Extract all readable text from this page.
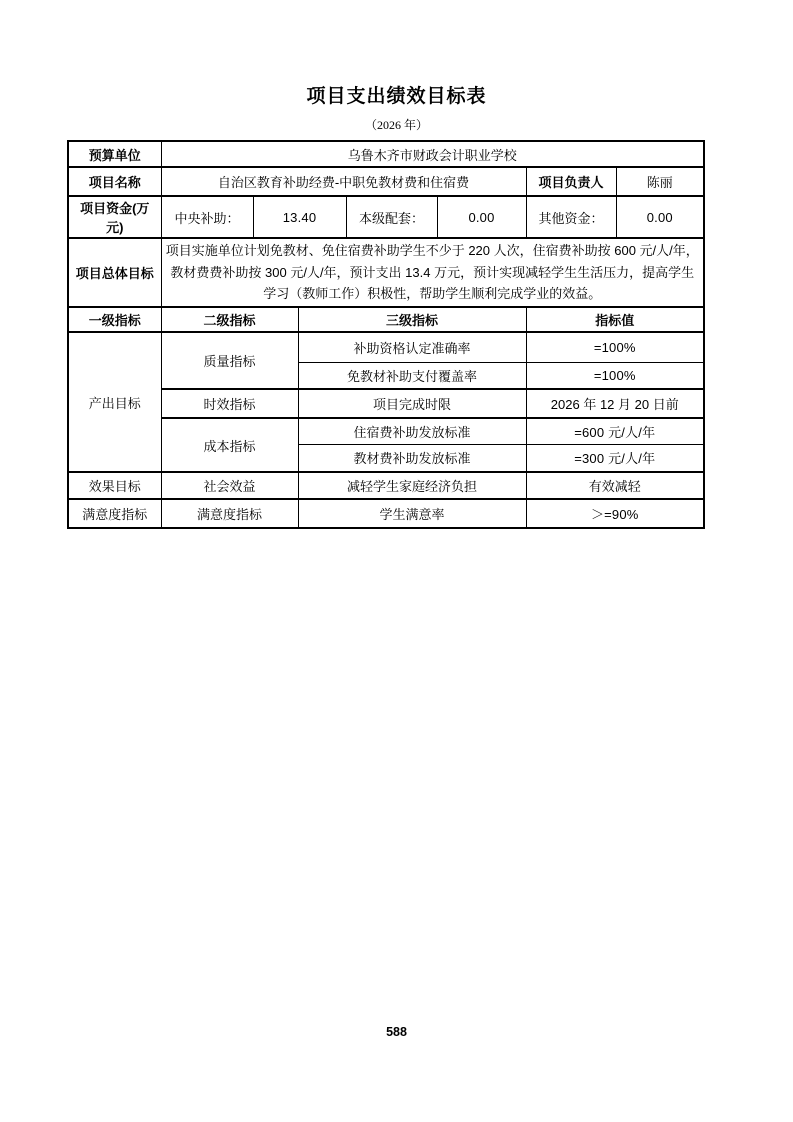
项目支出绩效目标表
（2026 年）
预算单位	乌鲁木齐市财政会计职业学校						
项目名称	自治区教育补助经费-中职免教材费和住宿费					项目负责人	陈丽
项目资金(万元)	中央补助：	13.40		本级配套：	0.00	其他资金：	0.00
项目总体目标	项目实施单位计划免教材、免住宿费补助学生不少于 220 人次，住宿费补助按 600 元/人/年，教材费费补助按 300 元/人/年，预计支出 13.4 万元，预计实现减轻学生生活压力，提高学生学习（教师工作）积极性，帮助学生顺利完成学业的效益。						
一级指标	二级指标		三级指标			指标值	
产出目标	质量指标		补助资格认定准确率			=100%	
			免教材补助支付覆盖率			=100%	
	时效指标		项目完成时限			2026 年 12 月 20 日前	
	成本指标		住宿费补助发放标准			=600 元/人/年	
			教材费补助发放标准			=300 元/人/年	
效果目标	社会效益		减轻学生家庭经济负担			有效减轻	
满意度指标	满意度指标		学生满意率			＞=90%	
588
